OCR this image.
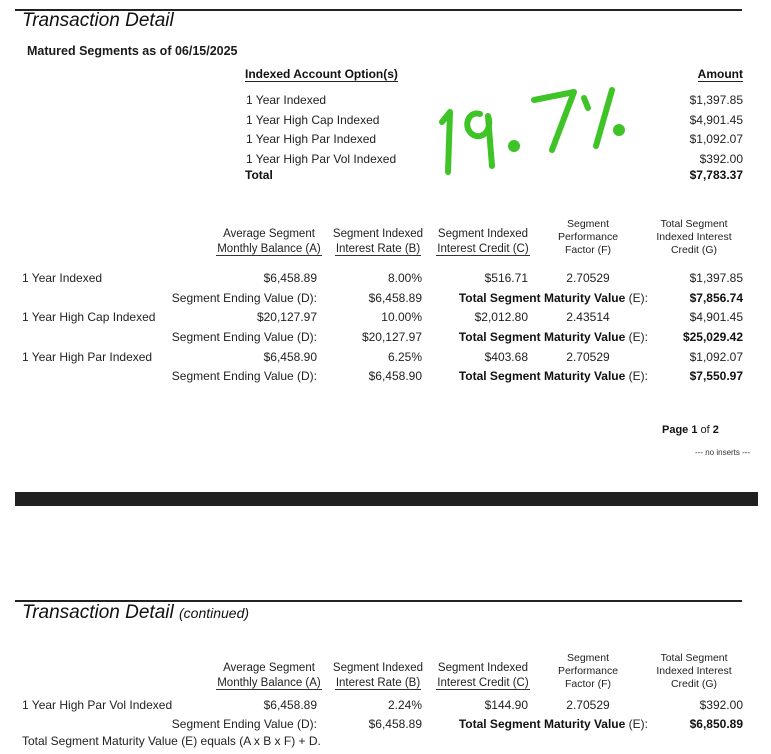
Transaction Detail
Matured Segments as of 06/15/2025
Indexed Account Option(s)	Amount
1 Year Indexed	$1,397.85
1 Year High Cap Indexed	$4,901.45
1 Year High Par Indexed	$1,092.07
1 Year High Par Vol Indexed	$392.00
Total	$7,783.37
Average Segment
Monthly Balance (A)
Segment Indexed
Interest Rate (B)
Segment Indexed
Interest Credit (C)
Segment
Performance
Factor (F)
Total Segment
Indexed Interest
Credit (G)
1 Year Indexed	$6,458.89	8.00%	$516.71	2.70529	$1,397.85
Segment Ending Value (D):	$6,458.89	Total Segment Maturity Value (E):	$7,856.74
1 Year High Cap Indexed	$20,127.97	10.00%	$2,012.80	2.43514	$4,901.45
Segment Ending Value (D):	$20,127.97	Total Segment Maturity Value (E):	$25,029.42
1 Year High Par Indexed	$6,458.90	6.25%	$403.68	2.70529	$1,092.07
Segment Ending Value (D):	$6,458.90	Total Segment Maturity Value (E):	$7,550.97
Page 1 of 2
--- no inserts ---
Transaction Detail (continued)
Average Segment
Monthly Balance (A)
Segment Indexed
Interest Rate (B)
Segment Indexed
Interest Credit (C)
Segment
Performance
Factor (F)
Total Segment
Indexed Interest
Credit (G)
1 Year High Par Vol Indexed	$6,458.89	2.24%	$144.90	2.70529	$392.00
Segment Ending Value (D):	$6,458.89	Total Segment Maturity Value (E):	$6,850.89
Total Segment Maturity Value (E) equals (A x B x F) + D.
